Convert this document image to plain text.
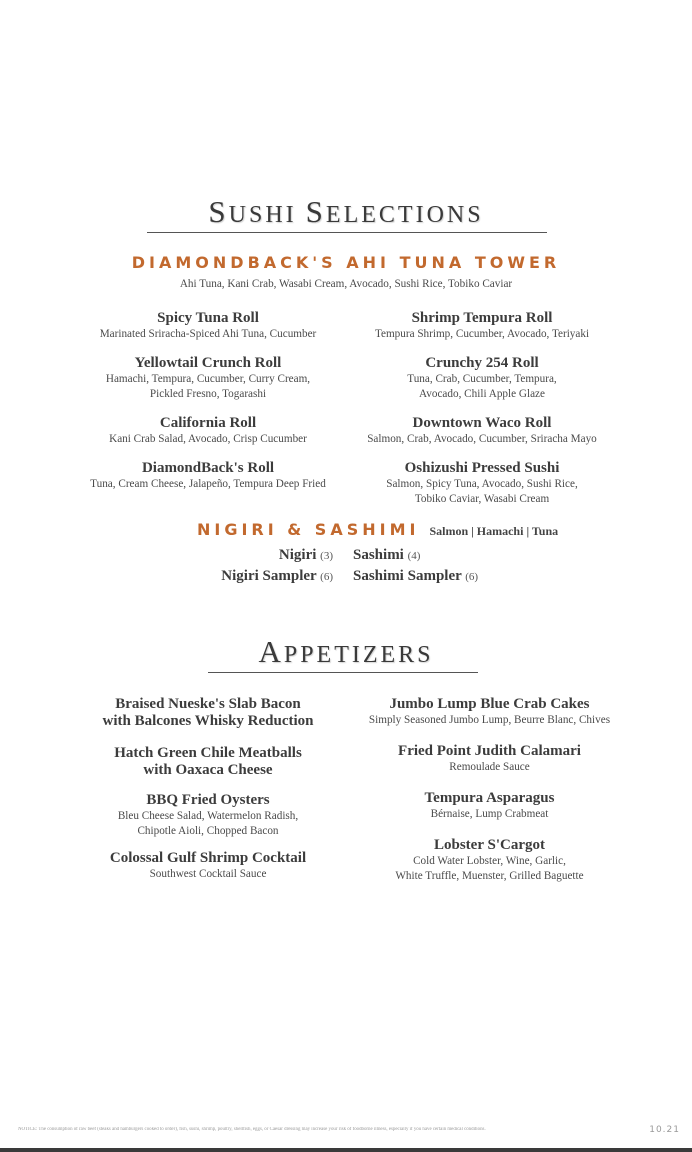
SUSHI SELECTIONS
DIAMONDBACK'S AHI TUNA TOWER
Ahi Tuna, Kani Crab, Wasabi Cream, Avocado, Sushi Rice, Tobiko Caviar
Spicy Tuna Roll
Marinated Sriracha-Spiced Ahi Tuna, Cucumber
Yellowtail Crunch Roll
Hamachi, Tempura, Cucumber, Curry Cream,
Pickled Fresno, Togarashi
California Roll
Kani Crab Salad, Avocado, Crisp Cucumber
DiamondBack's Roll
Tuna, Cream Cheese, Jalapeño, Tempura Deep Fried
Shrimp Tempura Roll
Tempura Shrimp, Cucumber, Avocado, Teriyaki
Crunchy 254 Roll
Tuna, Crab, Cucumber, Tempura,
Avocado, Chili Apple Glaze
Downtown Waco Roll
Salmon, Crab, Avocado, Cucumber, Sriracha Mayo
Oshizushi Pressed Sushi
Salmon, Spicy Tuna, Avocado, Sushi Rice,
Tobiko Caviar, Wasabi Cream
NIGIRI & SASHIMI Salmon | Hamachi | Tuna
Nigiri (3)
Nigiri Sampler (6)
Sashimi (4)
Sashimi Sampler (6)
APPETIZERS
Braised Nueske's Slab Bacon
with Balcones Whisky Reduction
Hatch Green Chile Meatballs
with Oaxaca Cheese
BBQ Fried Oysters
Bleu Cheese Salad, Watermelon Radish,
Chipotle Aioli, Chopped Bacon
Colossal Gulf Shrimp Cocktail
Southwest Cocktail Sauce
Jumbo Lump Blue Crab Cakes
Simply Seasoned Jumbo Lump, Beurre Blanc, Chives
Fried Point Judith Calamari
Remoulade Sauce
Tempura Asparagus
Bérnaise, Lump Crabmeat
Lobster S'Cargot
Cold Water Lobster, Wine, Garlic,
White Truffle, Muenster, Grilled Baguette
NOTICE: The consumption of raw beef (steaks and hamburgers cooked to order), fish, sushi, shrimp, poultry, shellfish, eggs, or Caesar dressing may increase your risk of foodborne illness, especially if you have certain medical conditions.	10.21
